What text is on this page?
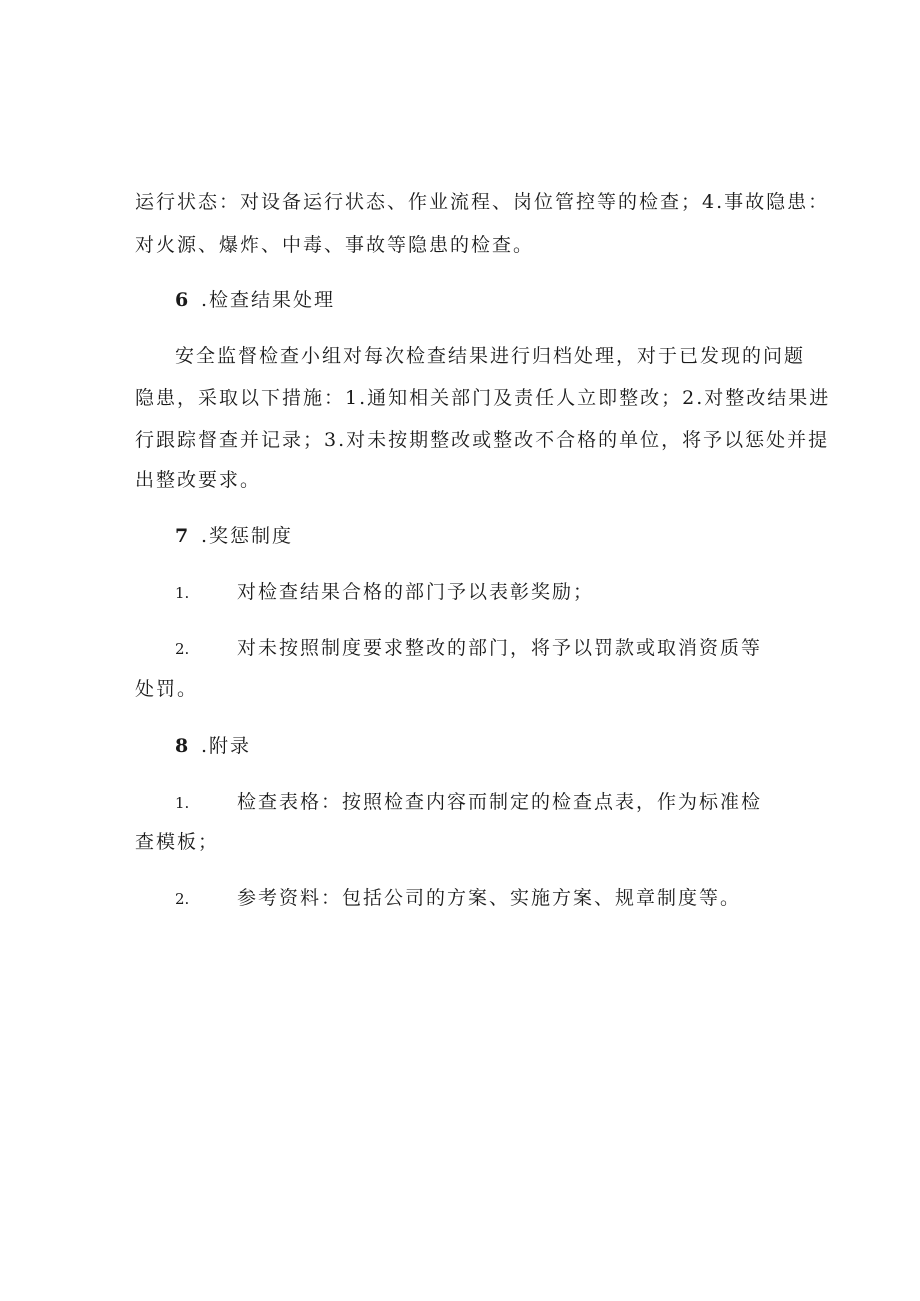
运行状态：对设备运行状态、作业流程、岗位管控等的检查；4.事故隐患：
对火源、爆炸、中毒、事故等隐患的检查。
6 .检查结果处理
安全监督检查小组对每次检查结果进行归档处理，对于已发现的问题
隐患，采取以下措施：1.通知相关部门及责任人立即整改；2.对整改结果进
行跟踪督查并记录；3.对未按期整改或整改不合格的单位，将予以惩处并提
出整改要求。
7 .奖惩制度
1.	对检查结果合格的部门予以表彰奖励；
2.	对未按照制度要求整改的部门，将予以罚款或取消资质等
处罚。
8 .附录
1.	检查表格：按照检查内容而制定的检查点表，作为标准检
查模板；
2.	参考资料：包括公司的方案、实施方案、规章制度等。
